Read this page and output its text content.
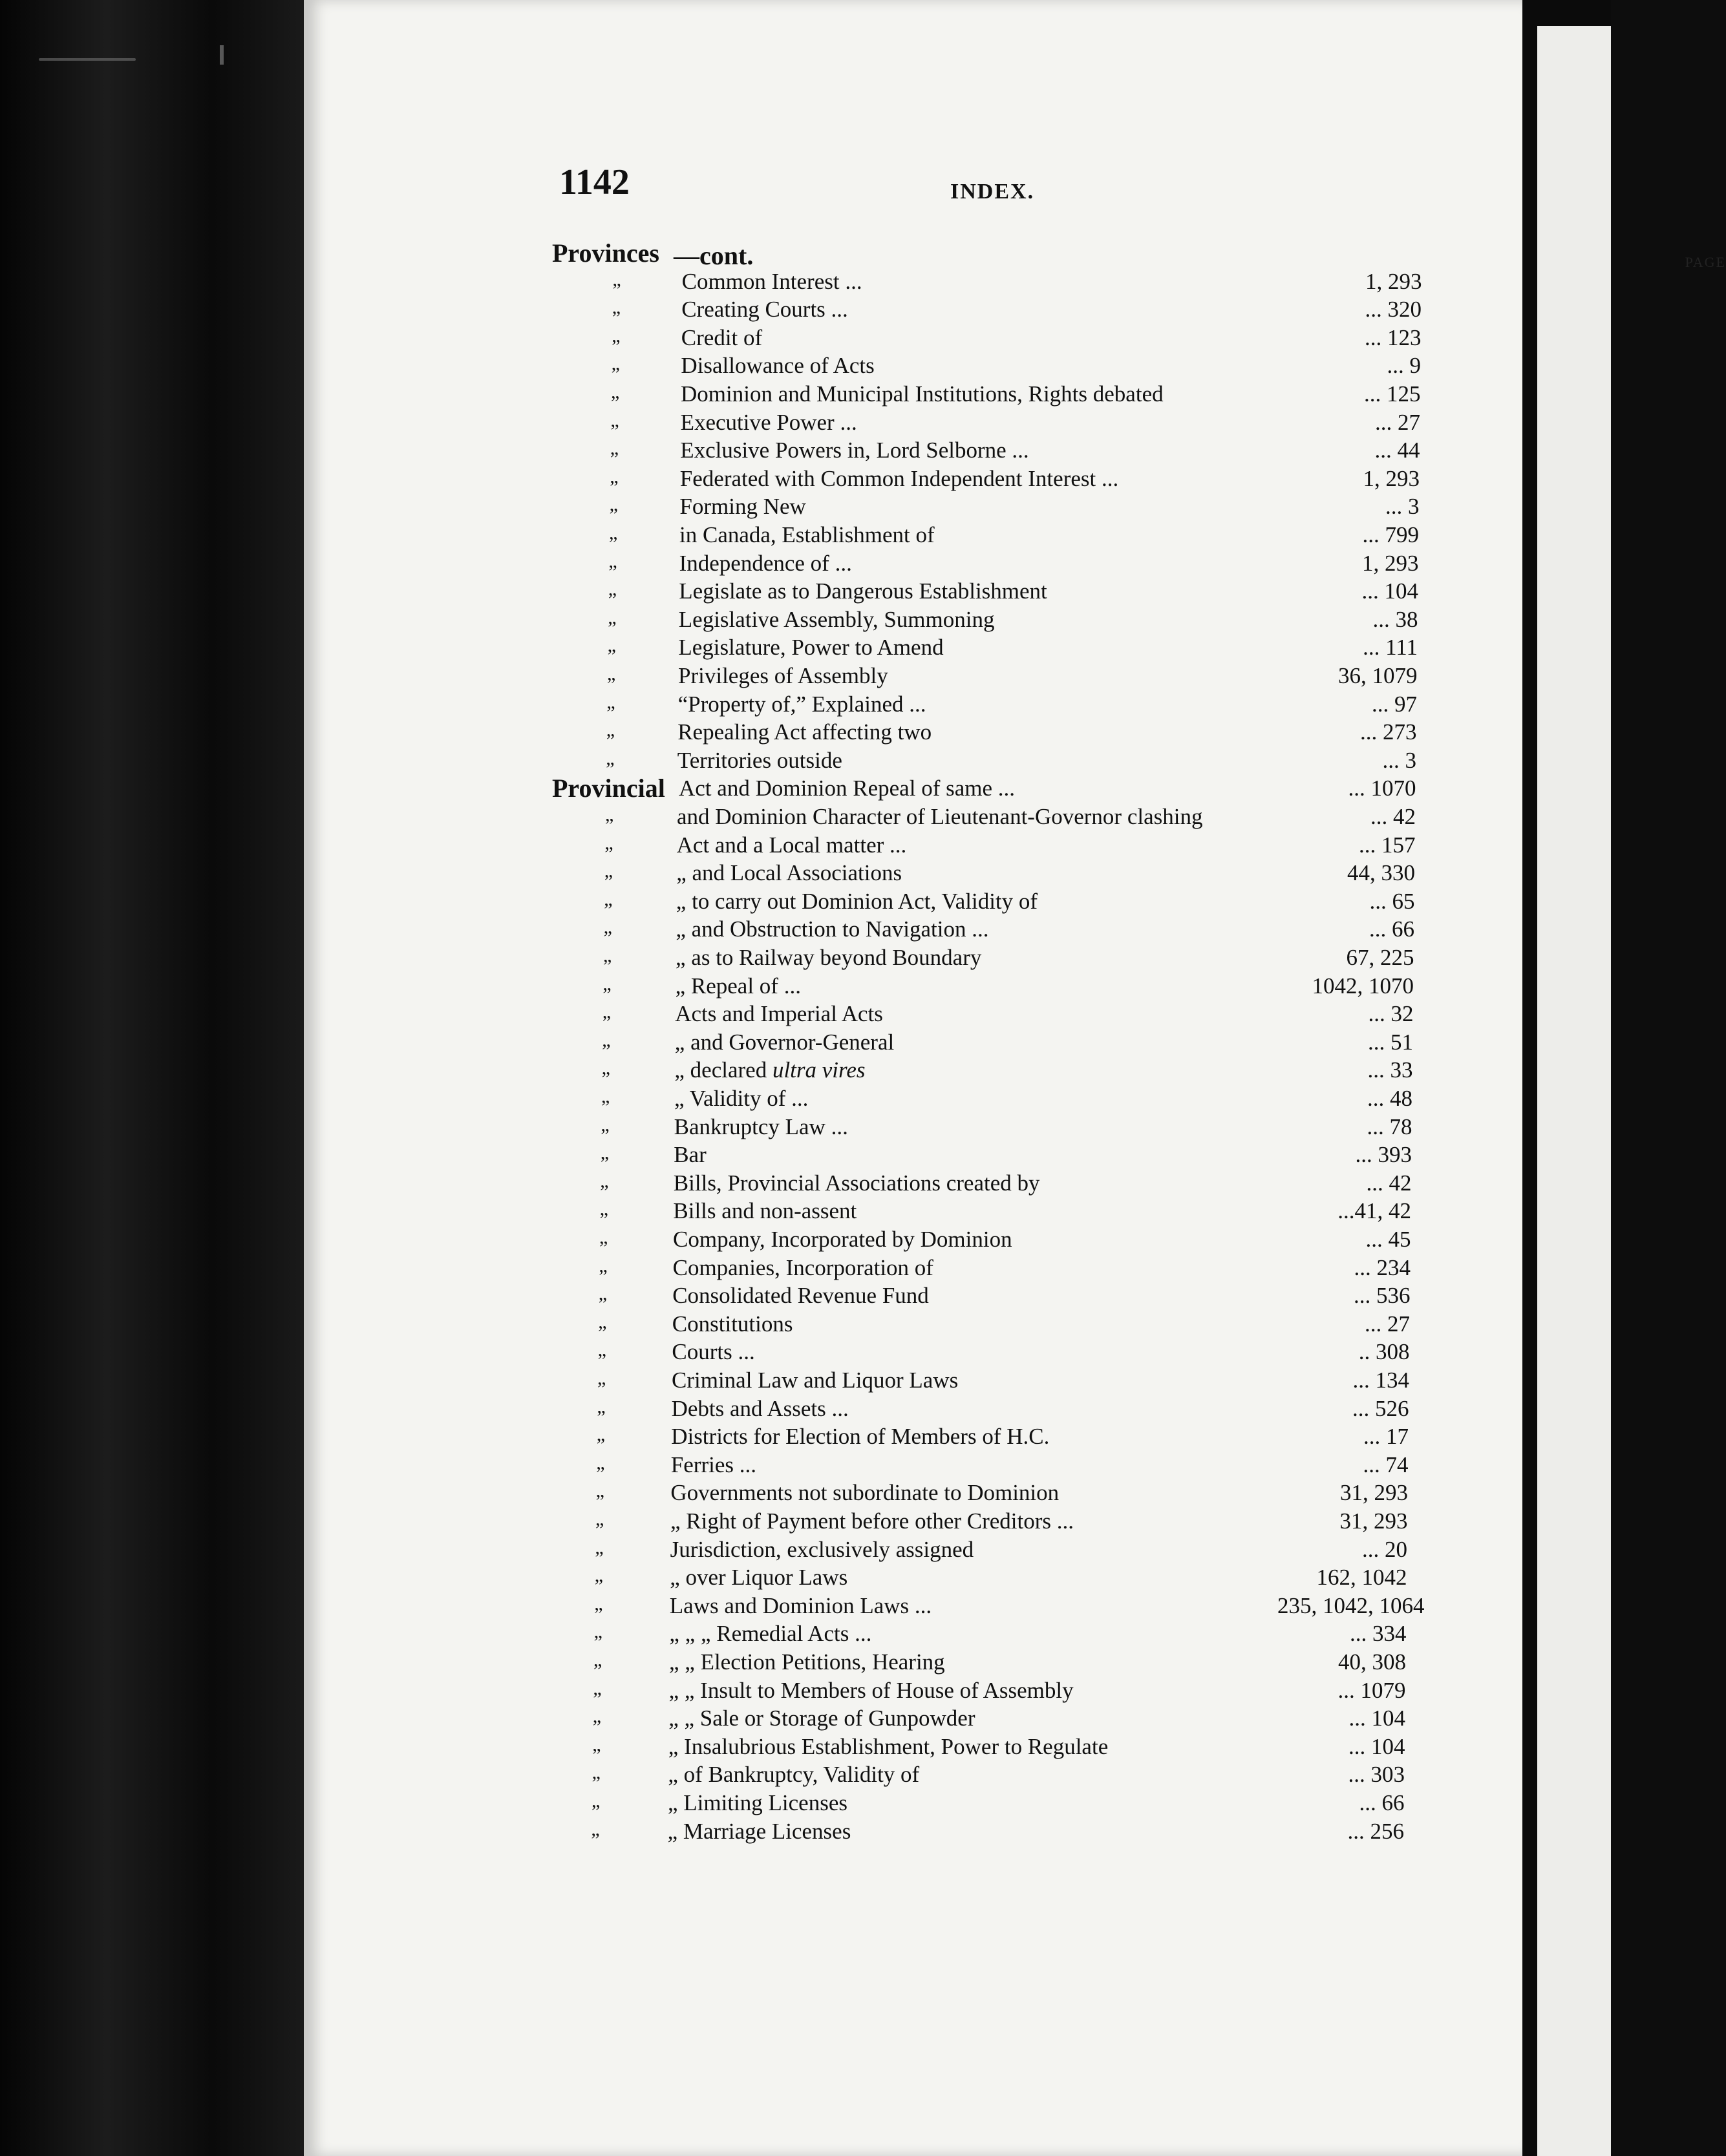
1142	INDEX.
PAGE
Provinces —cont.
„	Common Interest ...	1, 293
„	Creating Courts ...	... 320
„	Credit of	... 123
„	Disallowance of Acts	... 9
„	Dominion and Municipal Institutions, Rights debated	... 125
„	Executive Power ...	... 27
„	Exclusive Powers in, Lord Selborne ...	... 44
„	Federated with Common Independent Interest ...	1, 293
„	Forming New	... 3
„	in Canada, Establishment of	... 799
„	Independence of ...	1, 293
„	Legislate as to Dangerous Establishment	... 104
„	Legislative Assembly, Summoning	... 38
„	Legislature, Power to Amend	... 111
„	Privileges of Assembly	36, 1079
„	“Property of,” Explained ...	... 97
„	Repealing Act affecting two	... 273
„	Territories outside	... 3
Provincial Act and Dominion Repeal of same ...	... 1070
„	and Dominion Character of Lieutenant-Governor clashing	... 42
„	Act and a Local matter ...	... 157
„	„ and Local Associations	44, 330
„	„ to carry out Dominion Act, Validity of	... 65
„	„ and Obstruction to Navigation ...	... 66
„	„ as to Railway beyond Boundary	67, 225
„	„ Repeal of ...	1042, 1070
„	Acts and Imperial Acts	... 32
„	„ and Governor-General	... 51
„	„ declared ultra vires	... 33
„	„ Validity of ...	... 48
„	Bankruptcy Law ...	... 78
„	Bar	... 393
„	Bills, Provincial Associations created by	... 42
„	Bills and non-assent	...41, 42
„	Company, Incorporated by Dominion	... 45
„	Companies, Incorporation of	... 234
„	Consolidated Revenue Fund	... 536
„	Constitutions	... 27
„	Courts ...	.. 308
„	Criminal Law and Liquor Laws	... 134
„	Debts and Assets ...	... 526
„	Districts for Election of Members of H.C.	... 17
„	Ferries ...	... 74
„	Governments not subordinate to Dominion	31, 293
„	„ Right of Payment before other Creditors ...	31, 293
„	Jurisdiction, exclusively assigned	... 20
„	„ over Liquor Laws	162, 1042
„	Laws and Dominion Laws ...	235, 1042, 1064
„	„ „ „ Remedial Acts ...	... 334
„	„ „ Election Petitions, Hearing	40, 308
„	„ „ Insult to Members of House of Assembly	... 1079
„	„ „ Sale or Storage of Gunpowder	... 104
„	„ Insalubrious Establishment, Power to Regulate	... 104
„	„ of Bankruptcy, Validity of	... 303
„	„ Limiting Licenses	... 66
„	„ Marriage Licenses	... 256
